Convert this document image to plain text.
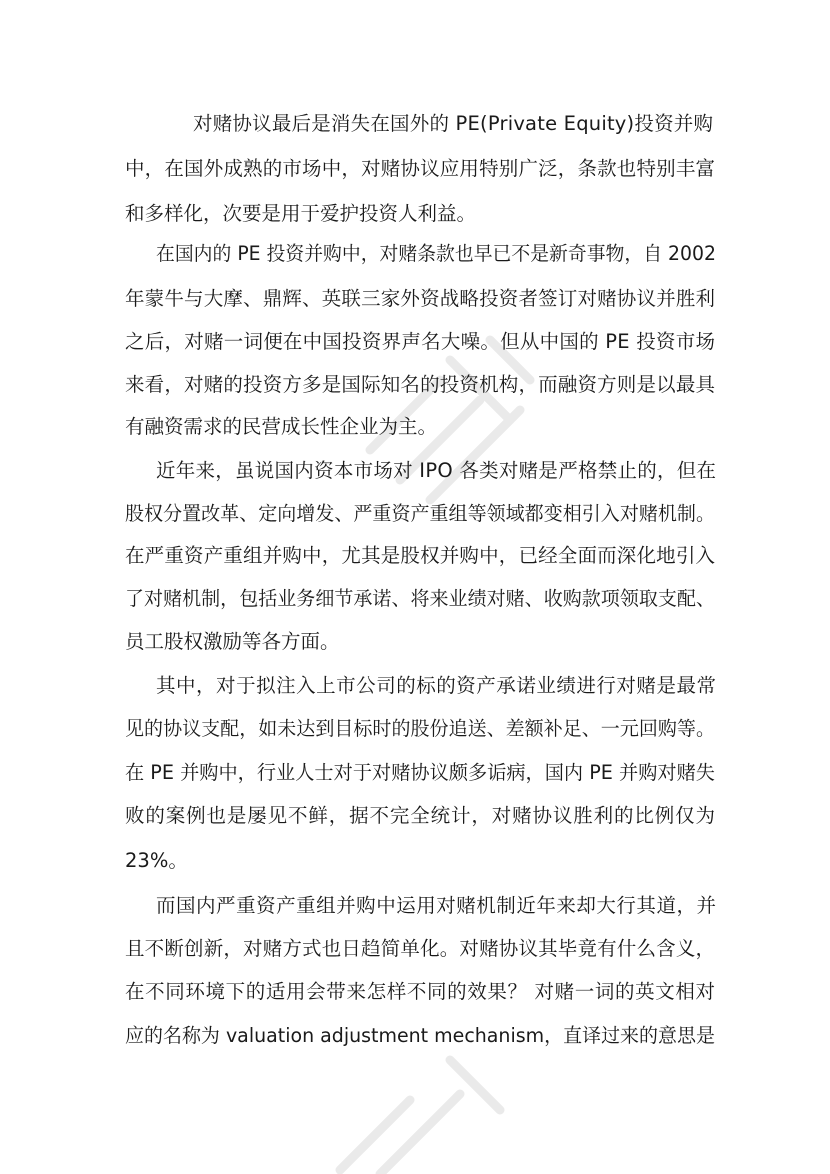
对赌协议最后是消失在国外的 PE(Private Equity)投资并购
中，在国外成熟的市场中，对赌协议应用特别广泛，条款也特别丰富
和多样化，次要是用于爱护投资人利益。
在国内的 PE 投资并购中，对赌条款也早已不是新奇事物，自 2002
年蒙牛与大摩、鼎辉、英联三家外资战略投资者签订对赌协议并胜利
之后，对赌一词便在中国投资界声名大噪。但从中国的 PE 投资市场
来看，对赌的投资方多是国际知名的投资机构，而融资方则是以最具
有融资需求的民营成长性企业为主。
近年来，虽说国内资本市场对 IPO 各类对赌是严格禁止的，但在
股权分置改革、定向增发、严重资产重组等领域都变相引入对赌机制。
在严重资产重组并购中，尤其是股权并购中，已经全面而深化地引入
了对赌机制，包括业务细节承诺、将来业绩对赌、收购款项领取支配、
员工股权激励等各方面。
其中，对于拟注入上市公司的标的资产承诺业绩进行对赌是最常
见的协议支配，如未达到目标时的股份追送、差额补足、一元回购等。
在 PE 并购中，行业人士对于对赌协议颇多诟病，国内 PE 并购对赌失
败的案例也是屡见不鲜，据不完全统计，对赌协议胜利的比例仅为
23%。
而国内严重资产重组并购中运用对赌机制近年来却大行其道，并
且不断创新，对赌方式也日趋简单化。对赌协议其毕竟有什么含义，
在不同环境下的适用会带来怎样不同的效果？ 对赌一词的英文相对
应的名称为 valuation adjustment mechanism，直译过来的意思是
